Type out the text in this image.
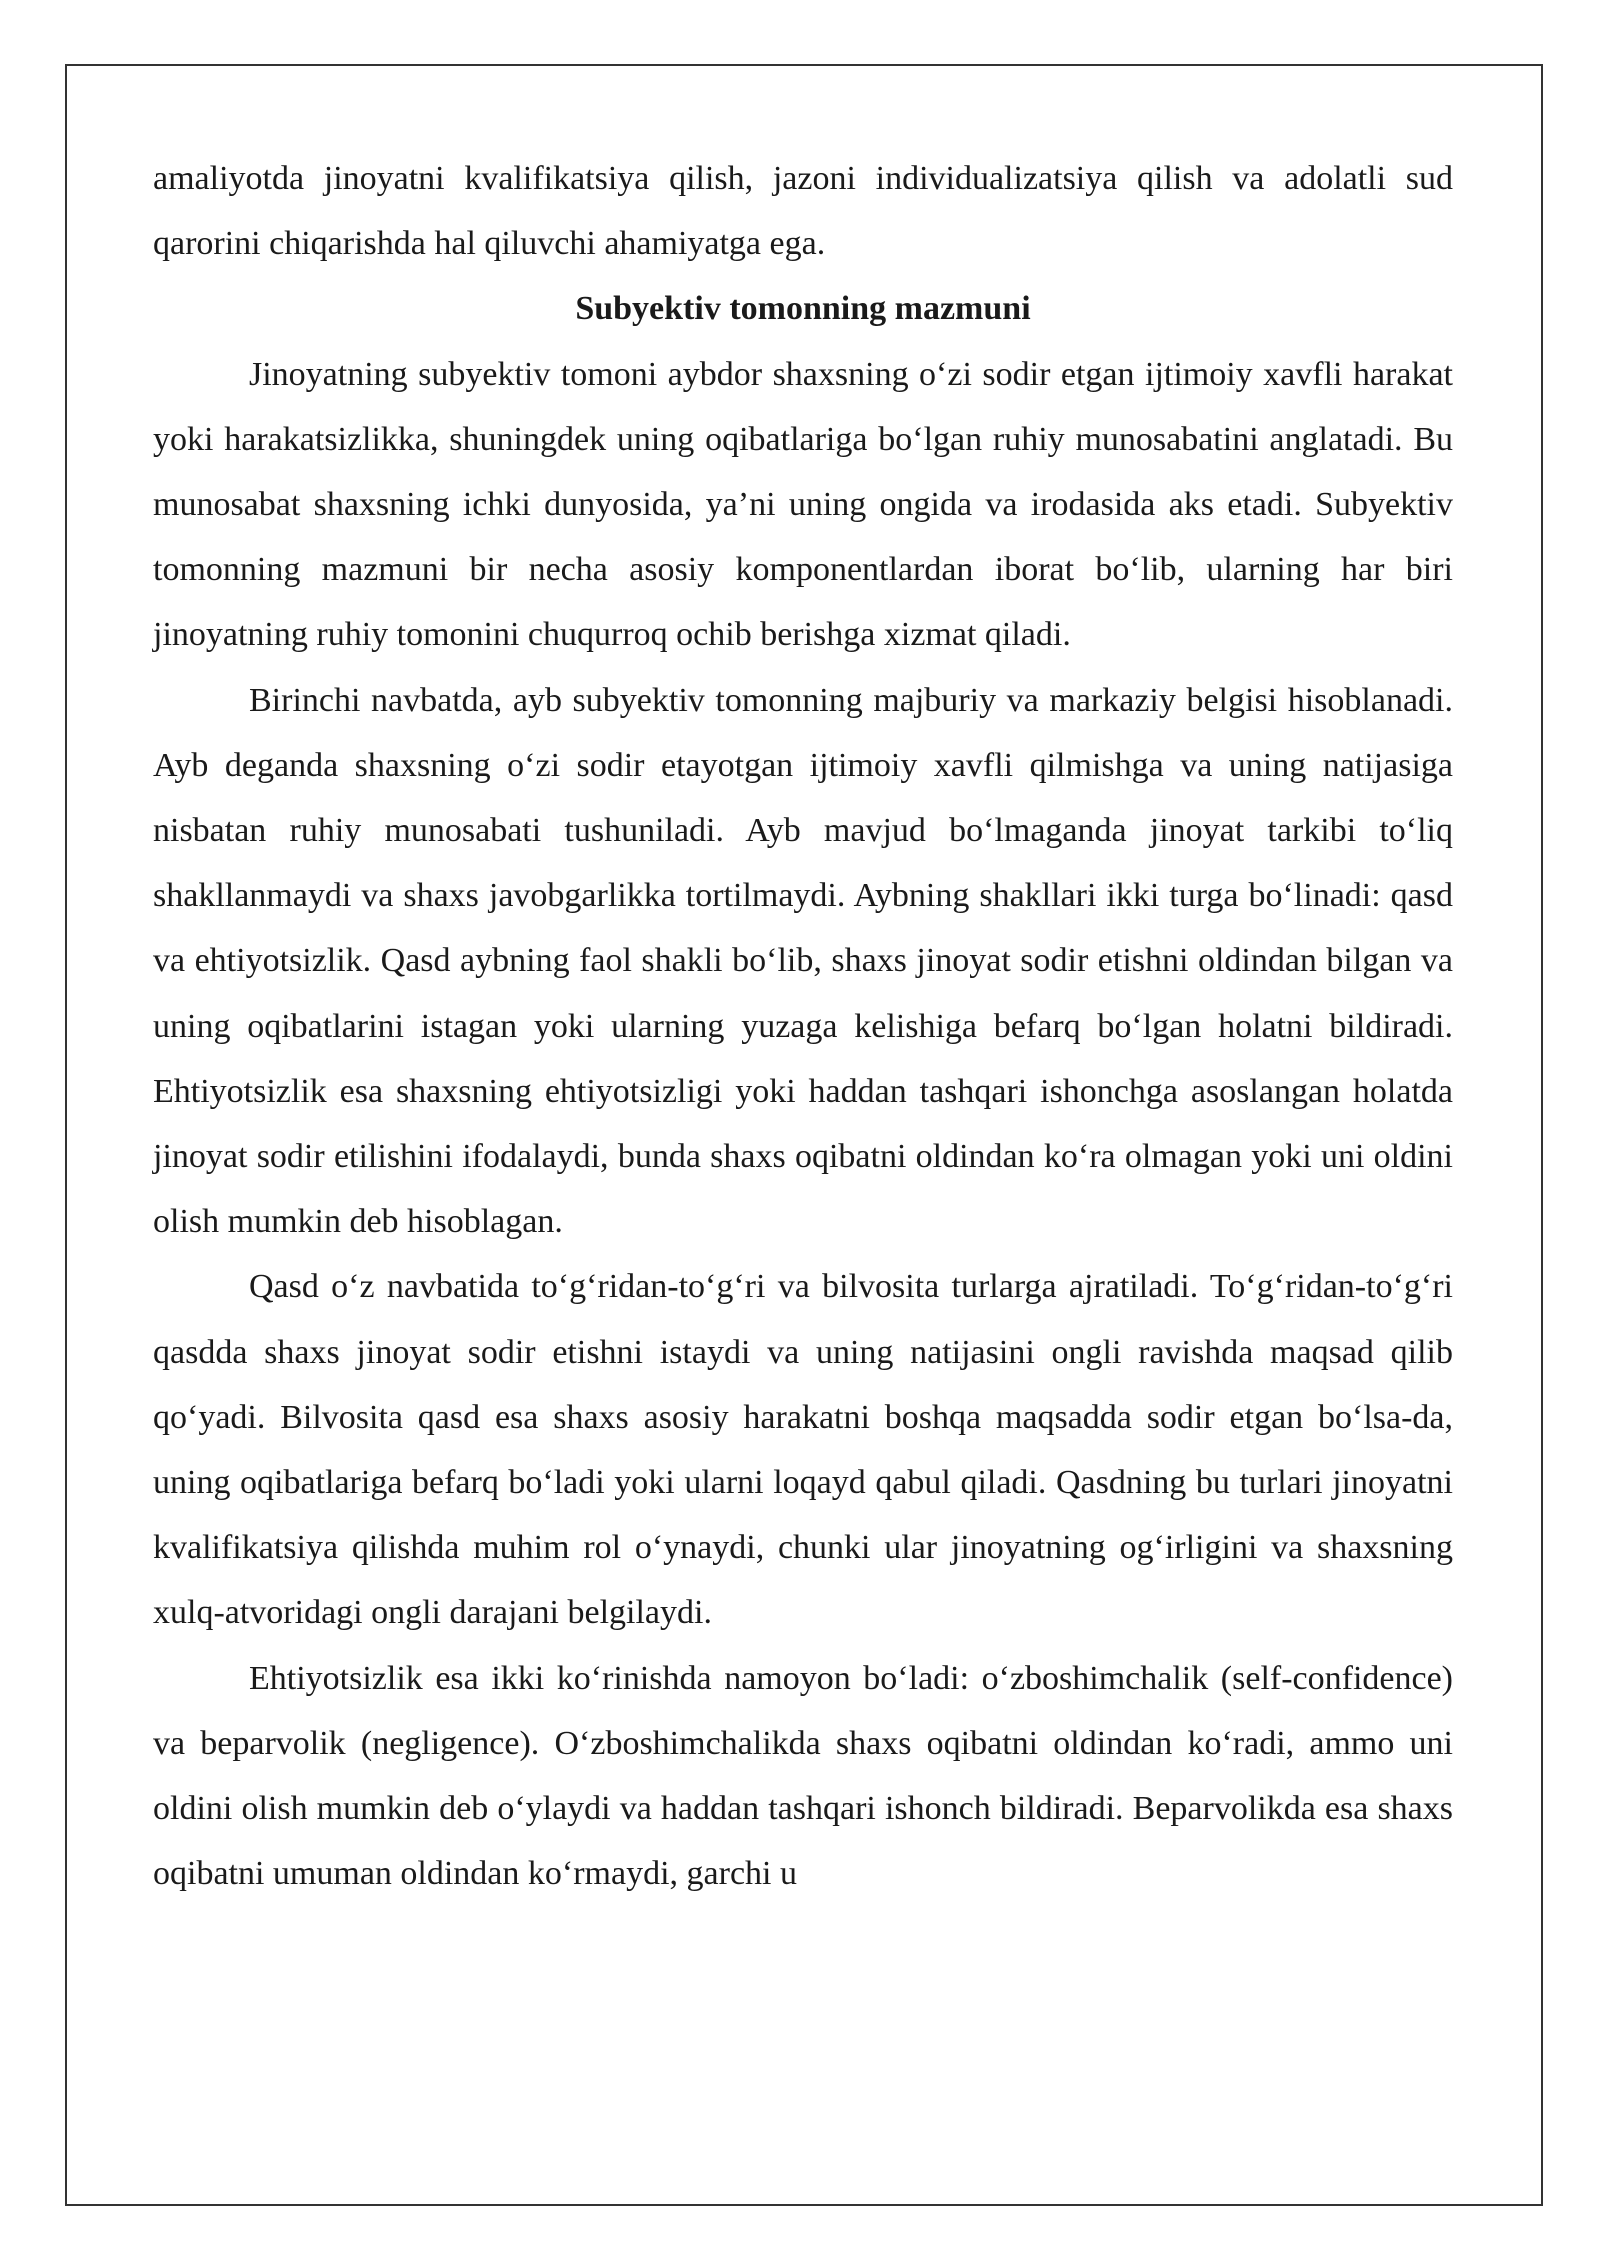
amaliyotda jinoyatni kvalifikatsiya qilish, jazoni individualizatsiya qilish va adolatli sud qarorini chiqarishda hal qiluvchi ahamiyatga ega.

Subyektiv tomonning mazmuni

Jinoyatning subyektiv tomoni aybdor shaxsning o‘zi sodir etgan ijtimoiy xavfli harakat yoki harakatsizlikka, shuningdek uning oqibatlariga bo‘lgan ruhiy munosabatini anglatadi. Bu munosabat shaxsning ichki dunyosida, ya’ni uning ongida va irodasida aks etadi. Subyektiv tomonning mazmuni bir necha asosiy komponentlardan iborat bo‘lib, ularning har biri jinoyatning ruhiy tomonini chuqurroq ochib berishga xizmat qiladi.

Birinchi navbatda, ayb subyektiv tomonning majburiy va markaziy belgisi hisoblanadi. Ayb deganda shaxsning o‘zi sodir etayotgan ijtimoiy xavfli qilmishga va uning natijasiga nisbatan ruhiy munosabati tushuniladi. Ayb mavjud bo‘lmaganda jinoyat tarkibi to‘liq shakllanmaydi va shaxs javobgarlikka tortilmaydi. Aybning shakllari ikki turga bo‘linadi: qasd va ehtiyotsizlik. Qasd aybning faol shakli bo‘lib, shaxs jinoyat sodir etishni oldindan bilgan va uning oqibatlarini istagan yoki ularning yuzaga kelishiga befarq bo‘lgan holatni bildiradi. Ehtiyotsizlik esa shaxsning ehtiyotsizligi yoki haddan tashqari ishonchga asoslangan holatda jinoyat sodir etilishini ifodalaydi, bunda shaxs oqibatni oldindan ko‘ra olmagan yoki uni oldini olish mumkin deb hisoblagan.

Qasd o‘z navbatida to‘g‘ridan-to‘g‘ri va bilvosita turlarga ajratiladi. To‘g‘ridan-to‘g‘ri qasdda shaxs jinoyat sodir etishni istaydi va uning natijasini ongli ravishda maqsad qilib qo‘yadi. Bilvosita qasd esa shaxs asosiy harakatni boshqa maqsadda sodir etgan bo‘lsa-da, uning oqibatlariga befarq bo‘ladi yoki ularni loqayd qabul qiladi. Qasdning bu turlari jinoyatni kvalifikatsiya qilishda muhim rol o‘ynaydi, chunki ular jinoyatning og‘irligini va shaxsning xulq-atvoridagi ongli darajani belgilaydi.

Ehtiyotsizlik esa ikki ko‘rinishda namoyon bo‘ladi: o‘zboshimchalik (self-confidence) va beparvolik (negligence). O‘zboshimchalikda shaxs oqibatni oldindan ko‘radi, ammo uni oldini olish mumkin deb o‘ylaydi va haddan tashqari ishonch bildiradi. Beparvolikda esa shaxs oqibatni umuman oldindan ko‘rmaydi, garchi u
